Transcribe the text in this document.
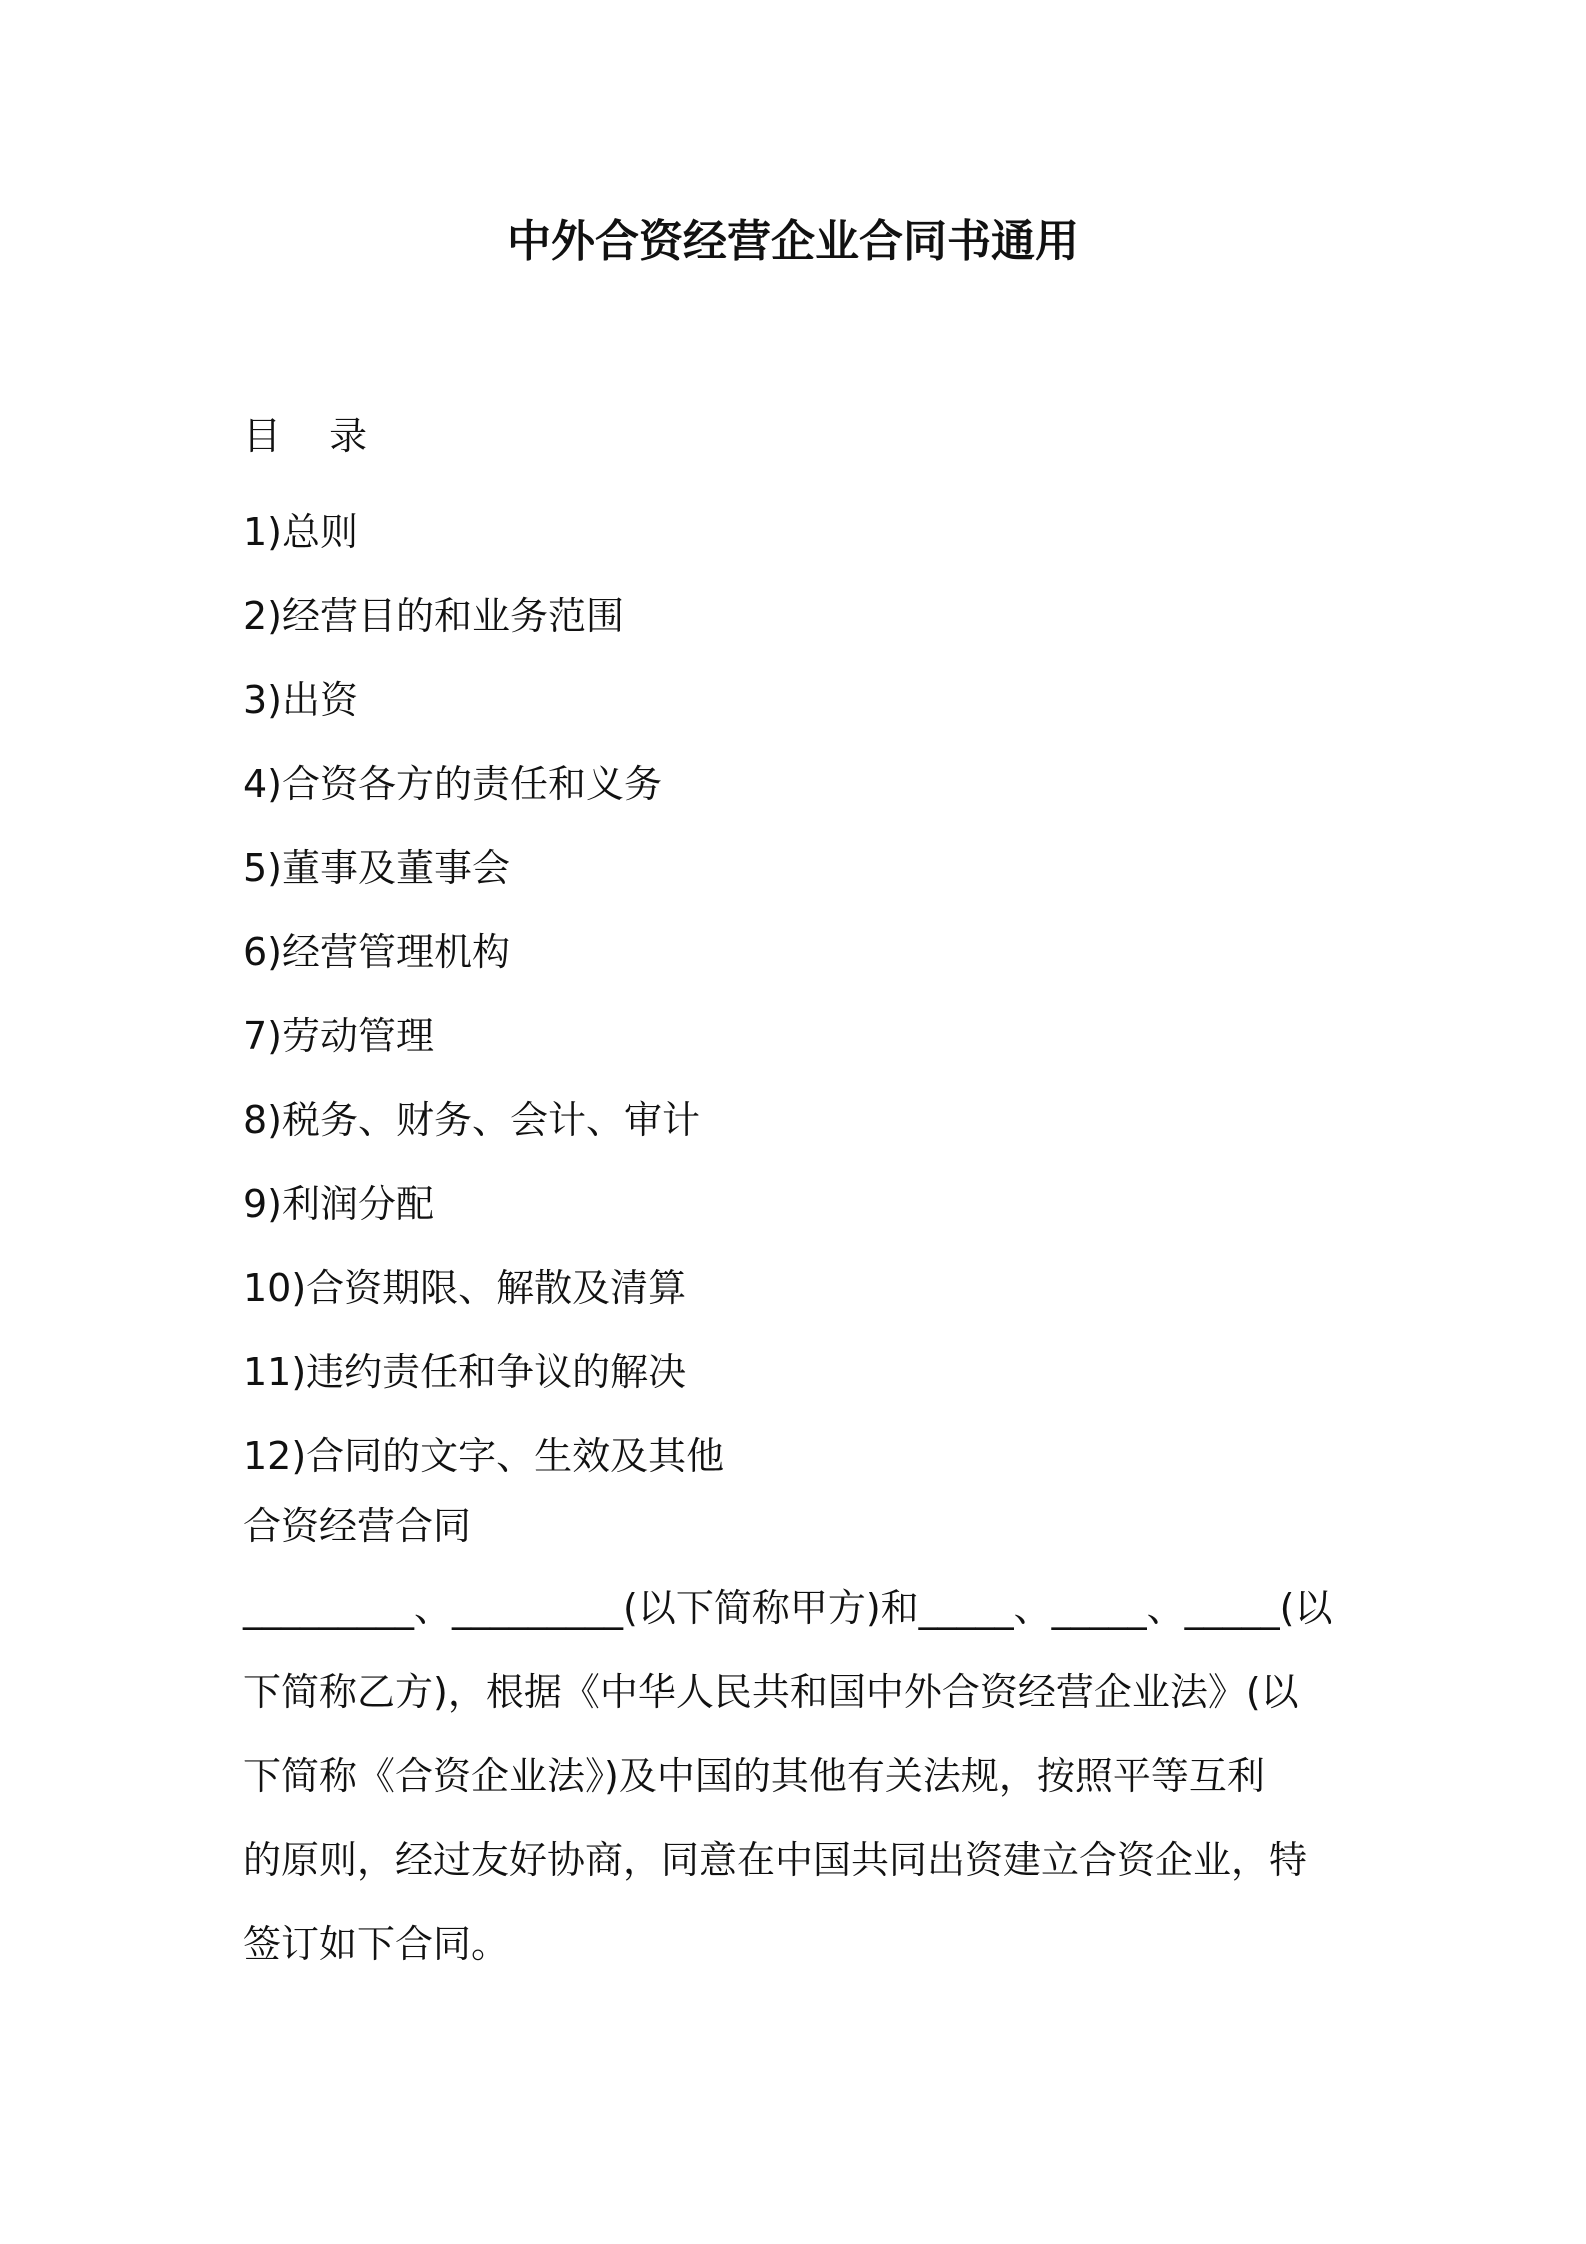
中外合资经营企业合同书通用
目 录
1)总则
2)经营目的和业务范围
3)出资
4)合资各方的责任和义务
5)董事及董事会
6)经营管理机构
7)劳动管理
8)税务、财务、会计、审计
9)利润分配
10)合资期限、解散及清算
11)违约责任和争议的解决
12)合同的文字、生效及其他
合资经营合同
_________、_________(以下简称甲方)和_____、_____、_____(以
下简称乙方)，根据《中华人民共和国中外合资经营企业法》(以
下简称《合资企业法》)及中国的其他有关法规，按照平等互利
的原则，经过友好协商，同意在中国共同出资建立合资企业，特
签订如下合同。
